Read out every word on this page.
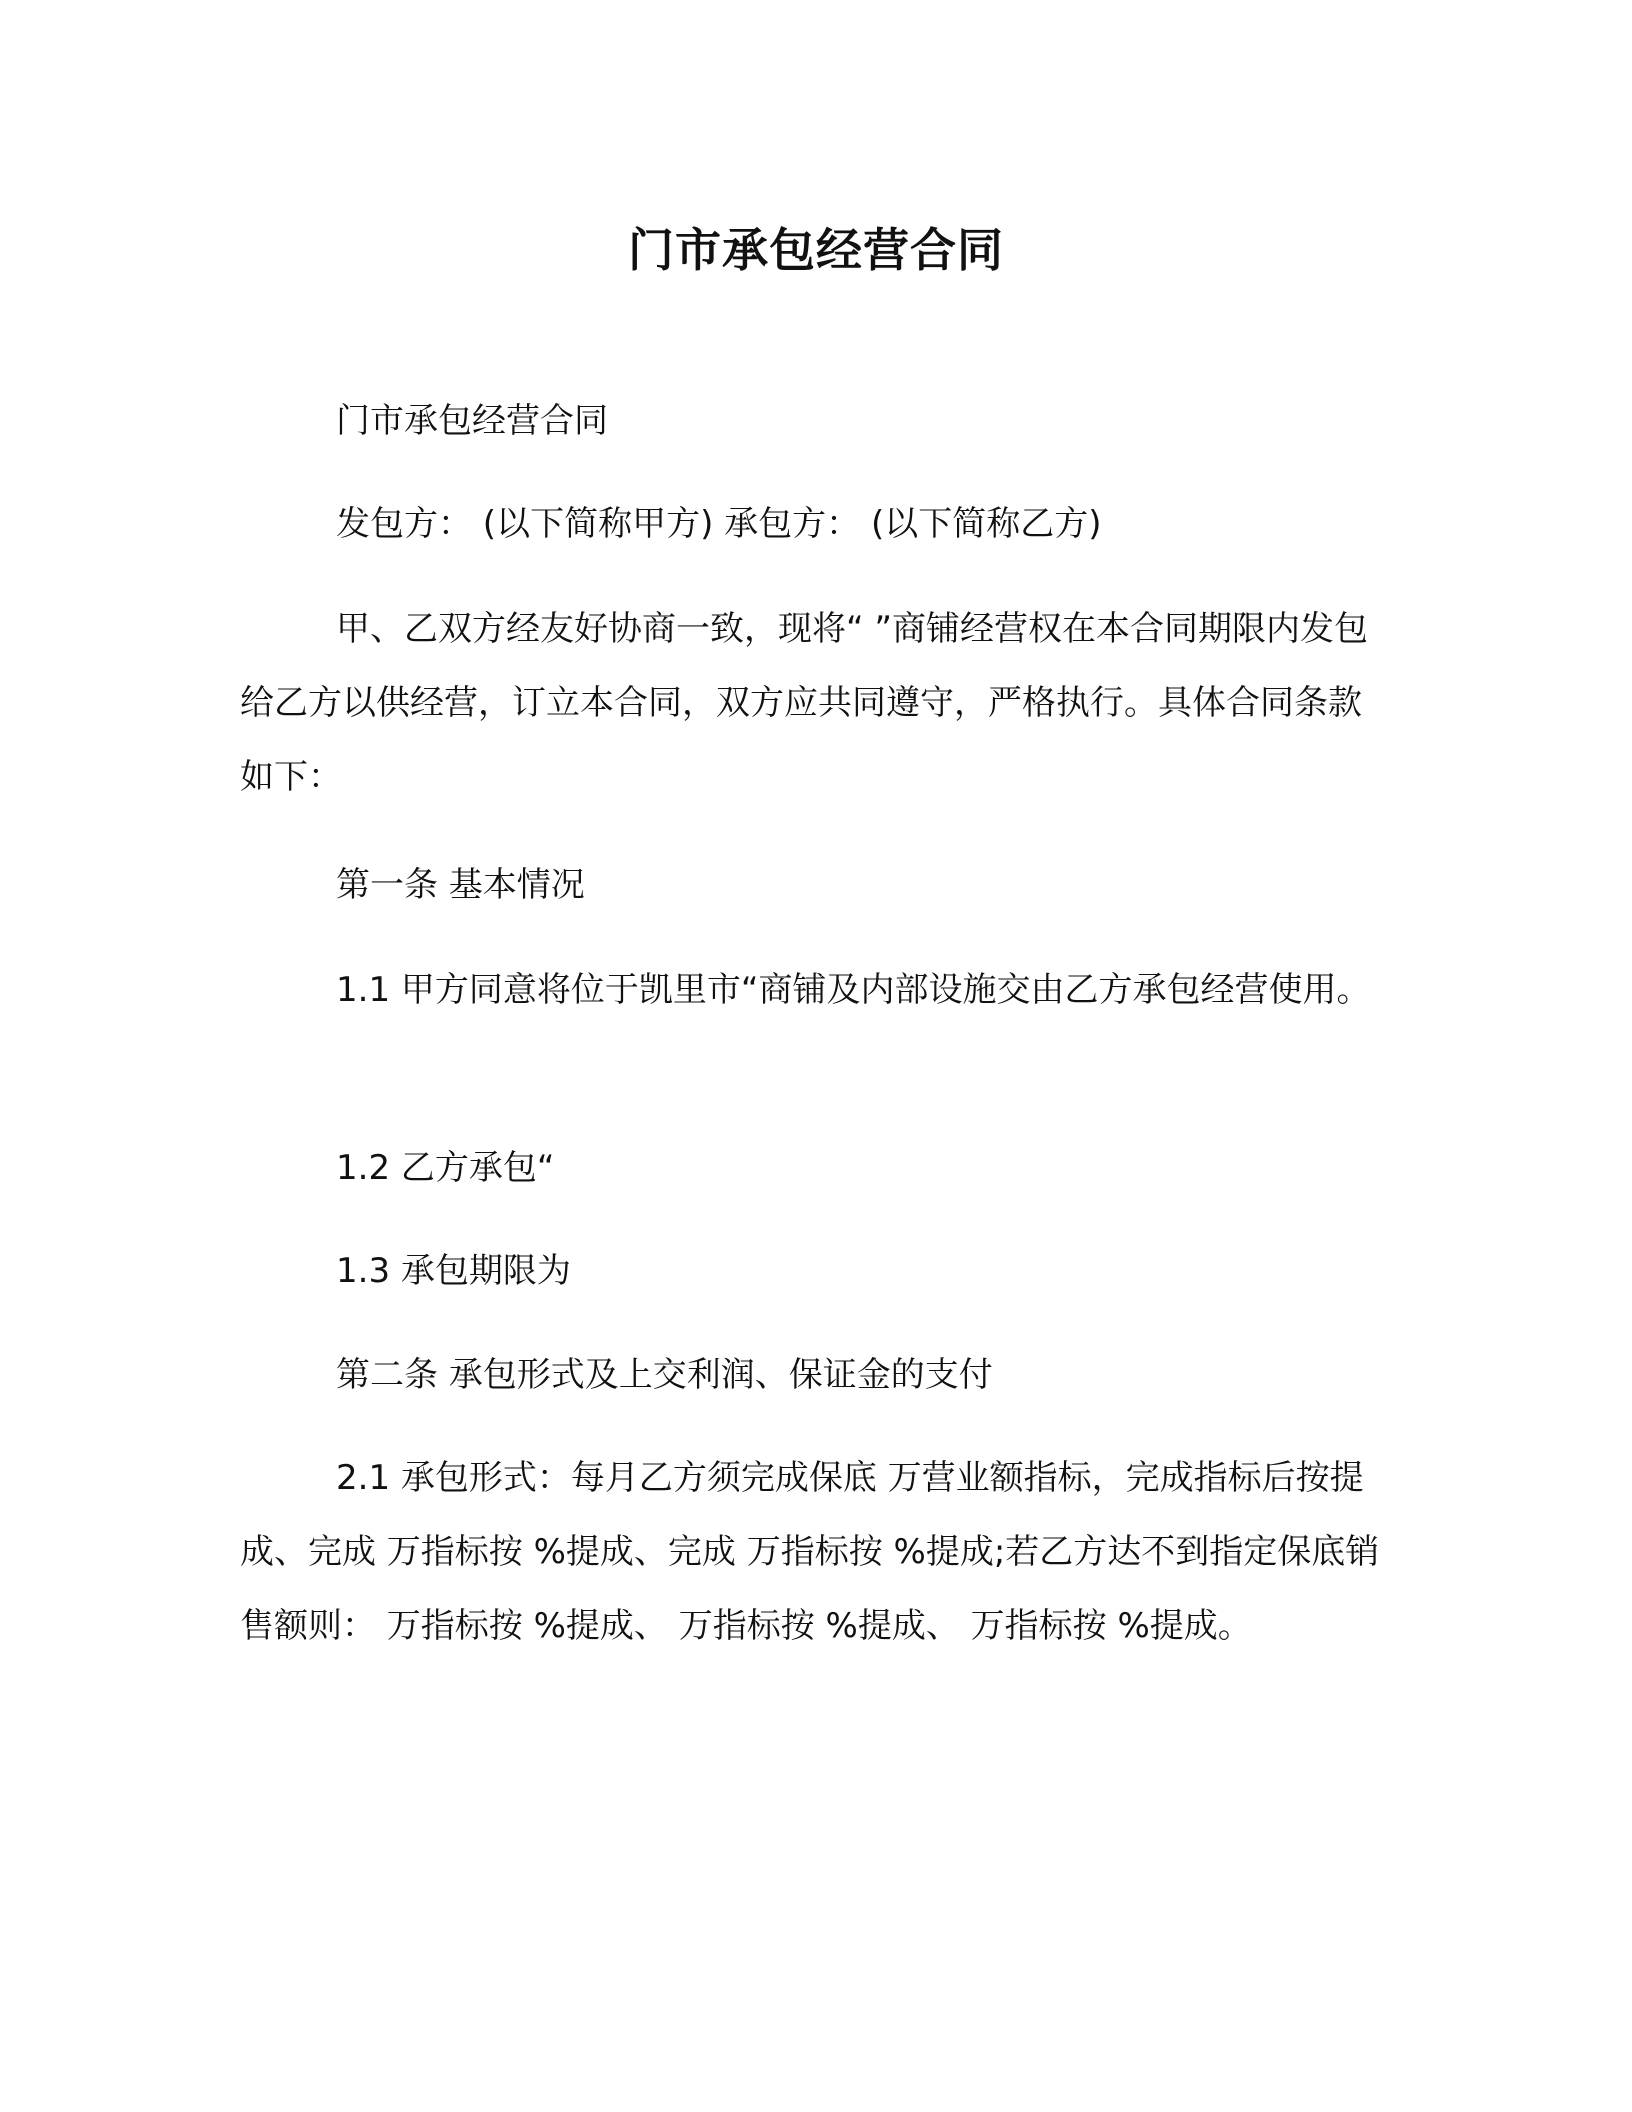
门市承包经营合同

门市承包经营合同

发包方： (以下简称甲方) 承包方： (以下简称乙方)

甲、乙双方经友好协商一致，现将“ ”商铺经营权在本合同期限内发包给乙方以供经营，订立本合同，双方应共同遵守，严格执行。具体合同条款如下：

第一条 基本情况

1.1 甲方同意将位于凯里市“商铺及内部设施交由乙方承包经营使用。

1.2 乙方承包“

1.3 承包期限为

第二条 承包形式及上交利润、保证金的支付

2.1 承包形式：每月乙方须完成保底 万营业额指标，完成指标后按提成、完成 万指标按 %提成、完成 万指标按 %提成;若乙方达不到指定保底销售额则： 万指标按 %提成、 万指标按 %提成、 万指标按 %提成。
